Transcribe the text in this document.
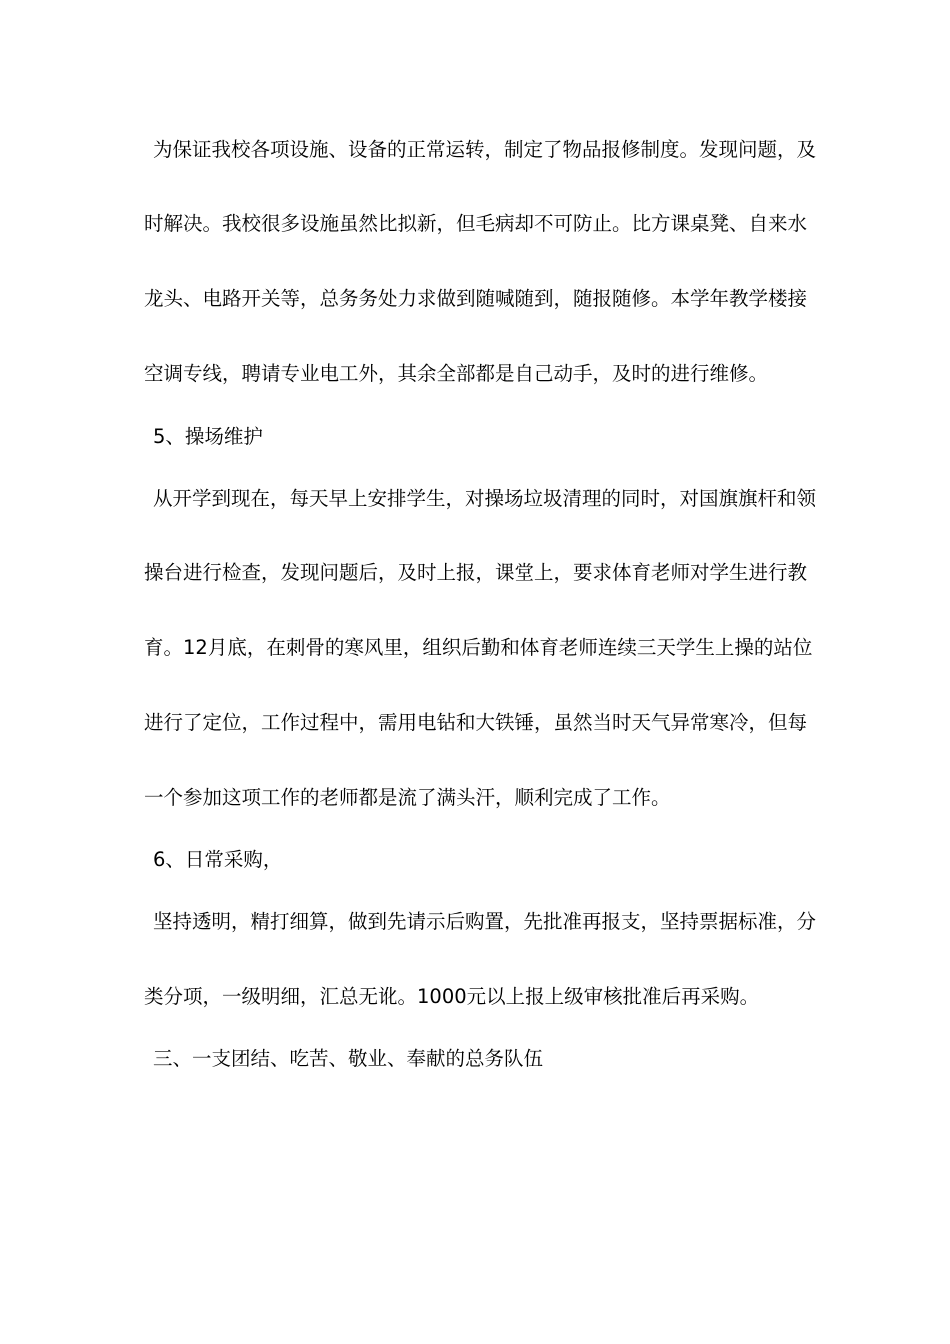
为保证我校各项设施、设备的正常运转，制定了物品报修制度。发现问题，及
时解决。我校很多设施虽然比拟新，但毛病却不可防止。比方课桌凳、自来水
龙头、电路开关等，总务务处力求做到随喊随到，随报随修。本学年教学楼接
空调专线，聘请专业电工外，其余全部都是自己动手，及时的进行维修。
5、操场维护
从开学到现在，每天早上安排学生，对操场垃圾清理的同时，对国旗旗杆和领
操台进行检查，发现问题后，及时上报，课堂上，要求体育老师对学生进行教
育。12月底，在刺骨的寒风里，组织后勤和体育老师连续三天学生上操的站位
进行了定位，工作过程中，需用电钻和大铁锤，虽然当时天气异常寒冷，但每
一个参加这项工作的老师都是流了满头汗，顺利完成了工作。
6、日常采购，
坚持透明，精打细算，做到先请示后购置，先批准再报支，坚持票据标准，分
类分项，一级明细，汇总无讹。1000元以上报上级审核批准后再采购。
三、一支团结、吃苦、敬业、奉献的总务队伍
